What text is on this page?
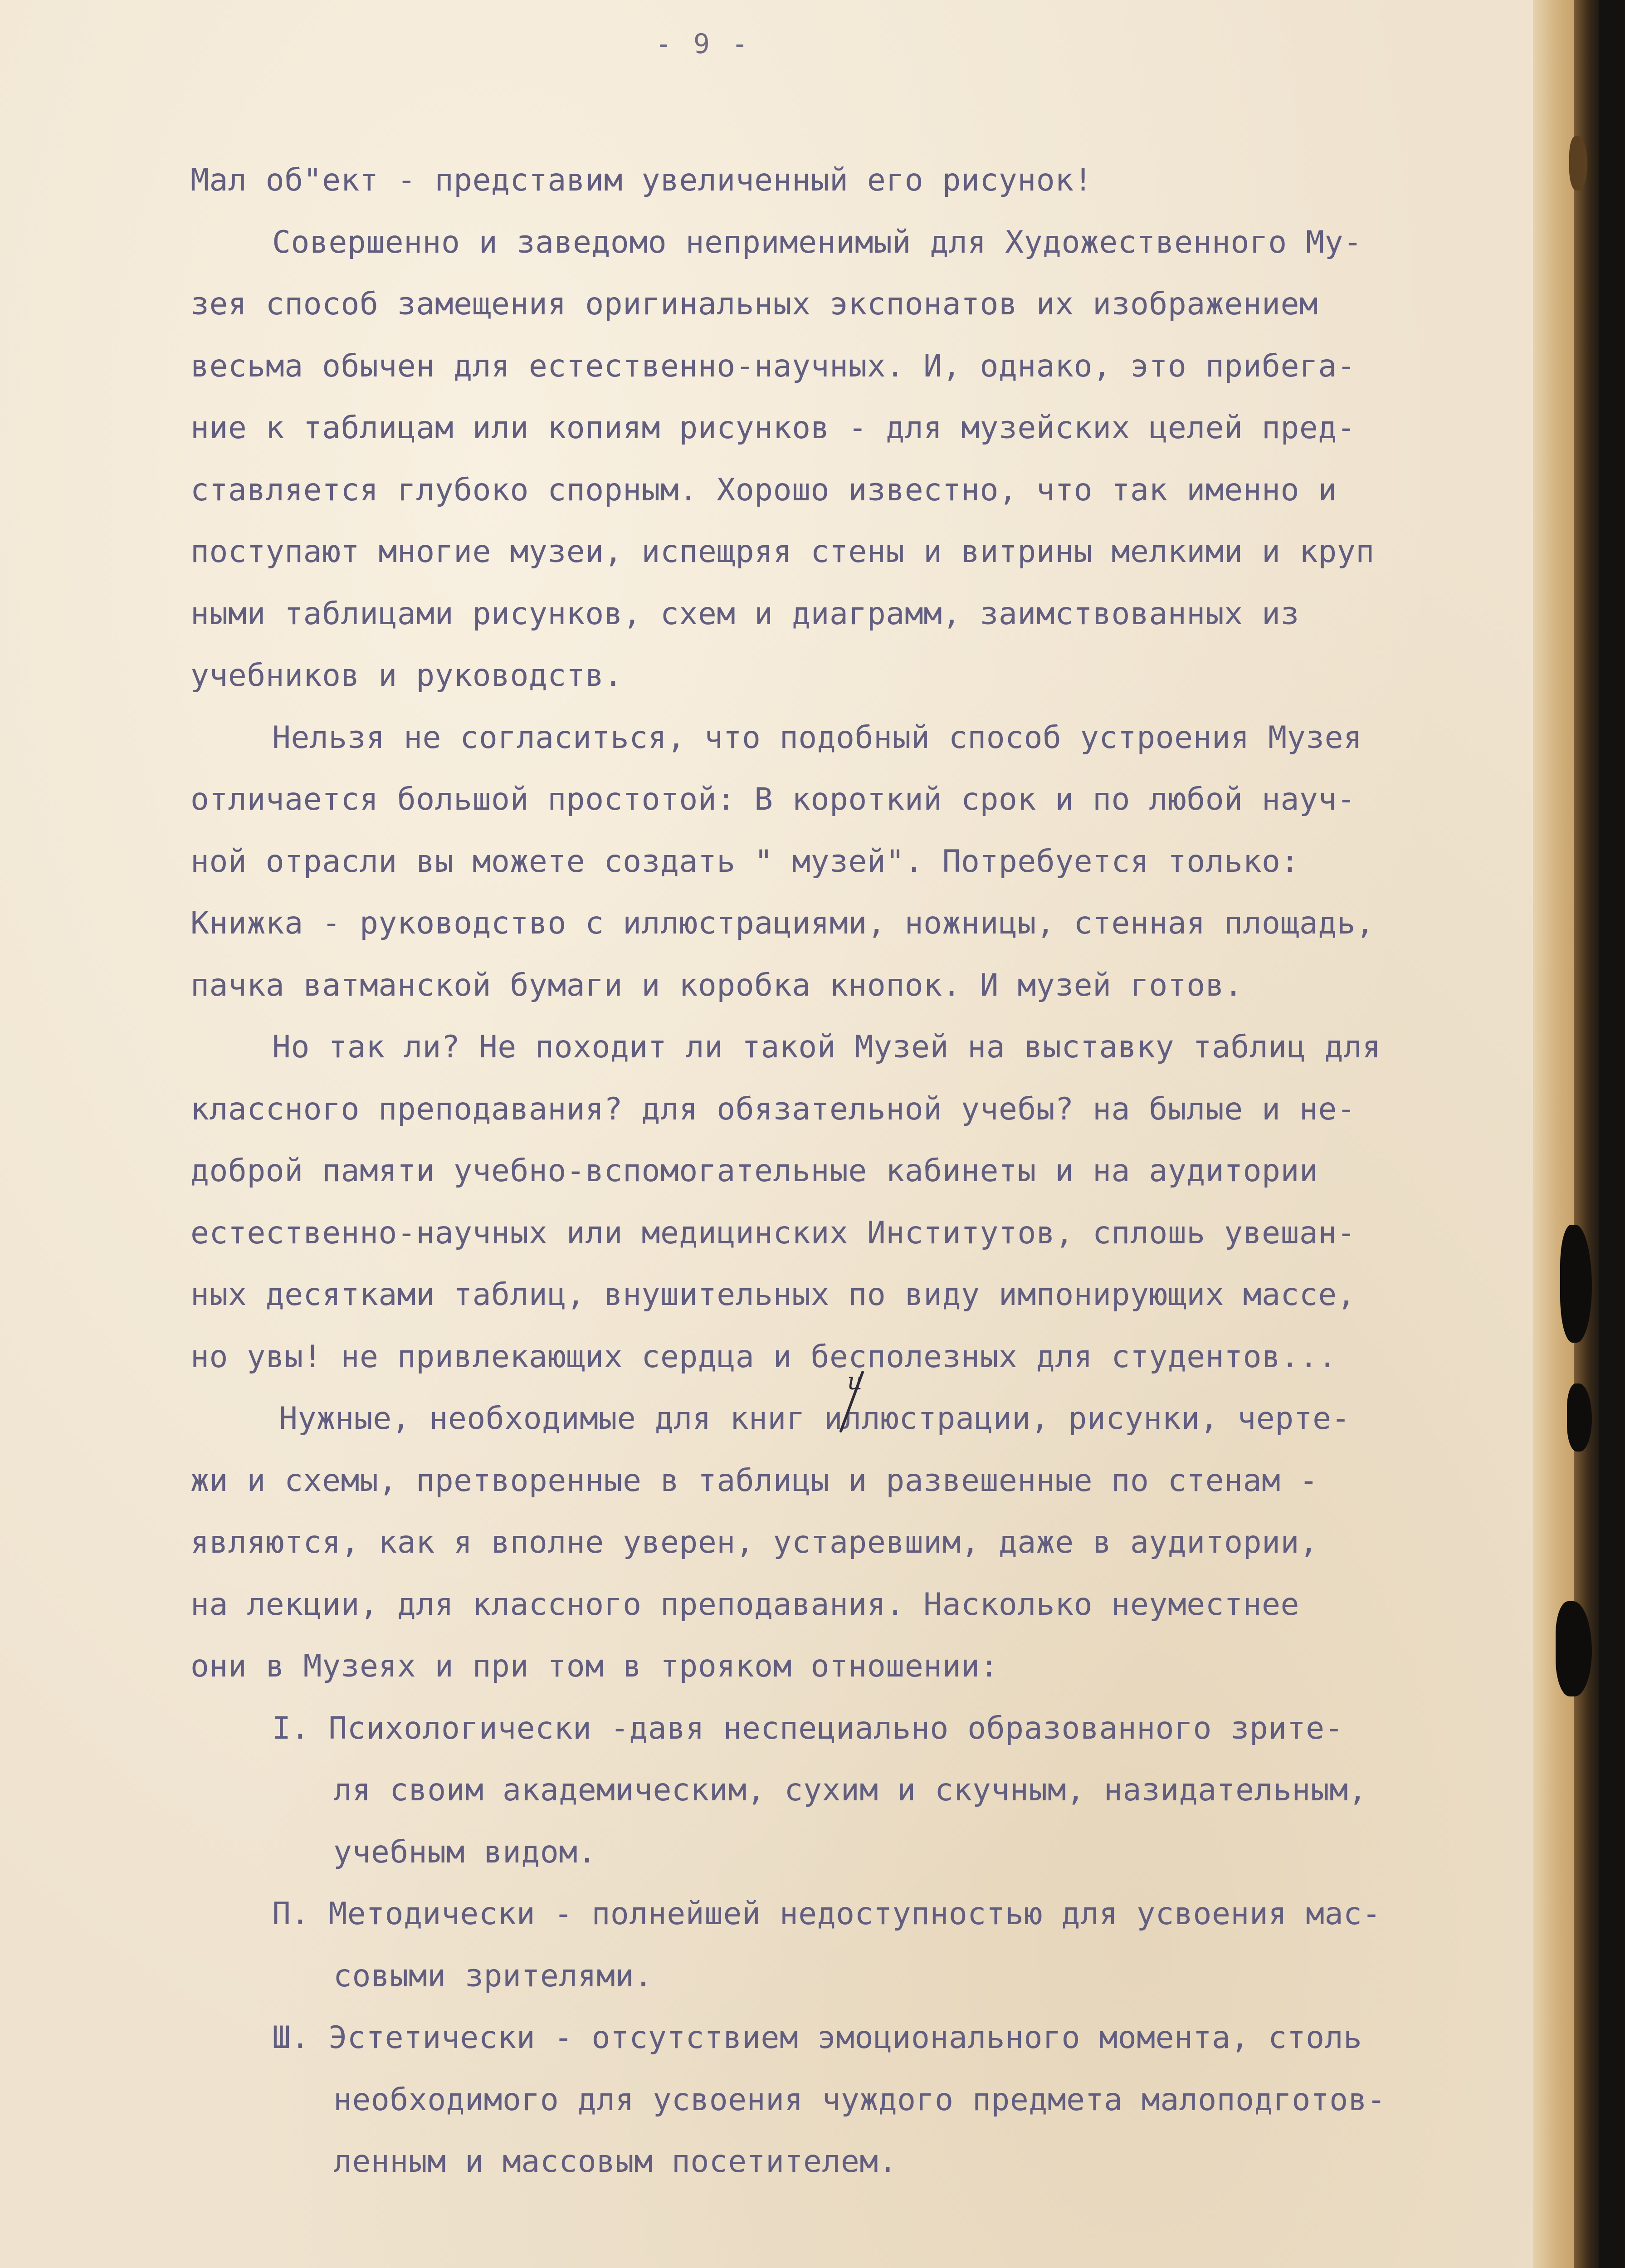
- 9 -
Мал об"ект - представим увеличенный его рисунок!
Совершенно и заведомо неприменимый для Художественного Му-
зея способ замещения оригинальных экспонатов их изображением
весьма обычен для естественно-научных. И, однако, это прибега-
ние к таблицам или копиям рисунков - для музейских целей пред-
ставляется глубоко спорным. Хорошо известно, что так именно и
поступают многие музеи, испещряя стены и витрины мелкими и круп
ными таблицами рисунков, схем и диаграмм, заимствованных из
учебников и руководств.
Нельзя не согласиться, что подобный способ устроения Музея
отличается большой простотой: В короткий срок и по любой науч-
ной отрасли вы можете создать " музей". Потребуется только:
Книжка - руководство с иллюстрациями, ножницы, стенная площадь,
пачка ватманской бумаги и коробка кнопок. И музей готов.
Но так ли? Не походит ли такой Музей на выставку таблиц для
классного преподавания? для обязательной учебы? на былые и не-
доброй памяти учебно-вспомогательные кабинеты и на аудитории
естественно-научных или медицинских Институтов, сплошь увешан-
ных десятками таблиц, внушительных по виду импонирующих массе,
но увы! не привлекающих сердца и бесполезных для студентов...
Нужные, необходимые для книг иллюстрации, рисунки, черте-
жи и схемы, претворенные в таблицы и развешенные по стенам -
являются, как я вполне уверен, устаревшим, даже в аудитории,
на лекции, для классного преподавания. Насколько неуместнее
они в Музеях и при том в трояком отношении:
I. Психологически -давя неспециально образованного зрите-
ля своим академическим, сухим и скучным, назидательным,
учебным видом.
П. Методически - полнейшей недоступностью для усвоения мас-
совыми зрителями.
Ш. Эстетически - отсутствием эмоционального момента, столь
необходимого для усвоения чуждого предмета малоподготов-
ленным и массовым посетителем.
и
